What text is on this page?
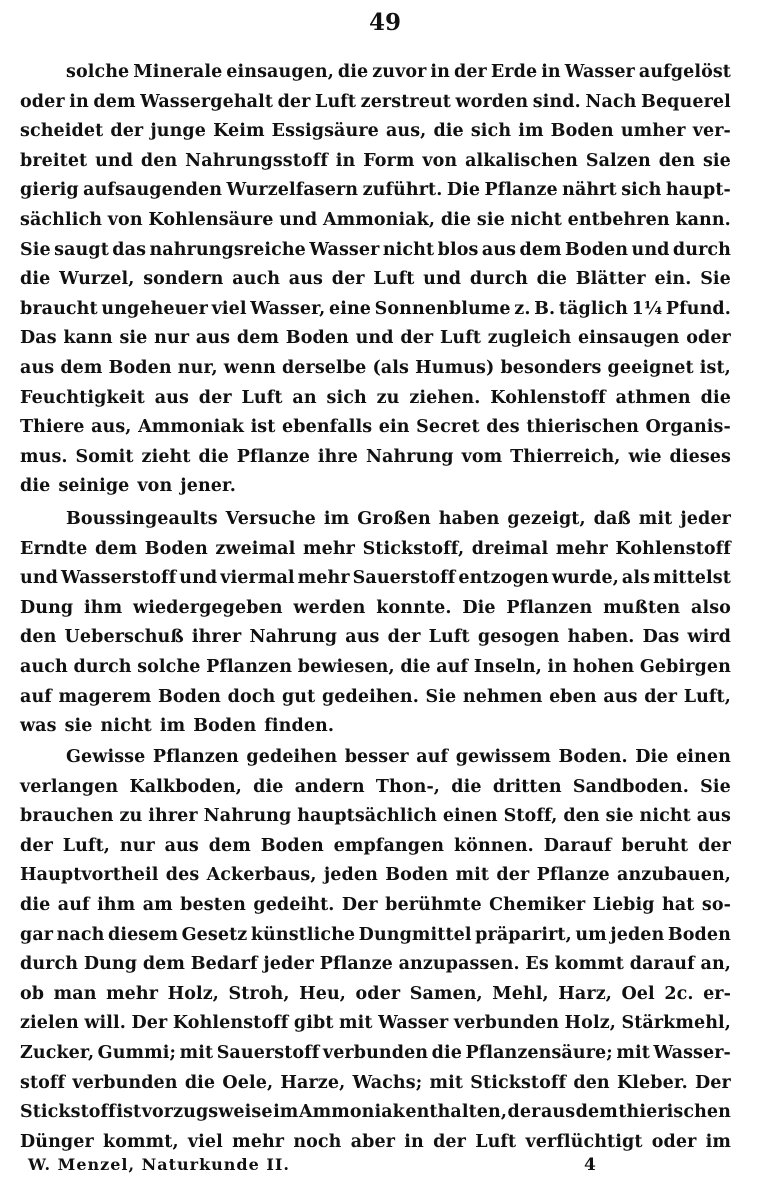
49
solche Minerale einsaugen, die zuvor in der Erde in Wasser aufgelöst
oder in dem Wassergehalt der Luft zerstreut worden sind. Nach Bequerel
scheidet der junge Keim Essigsäure aus, die sich im Boden umher ver-
breitet und den Nahrungsstoff in Form von alkalischen Salzen den sie
gierig aufsaugenden Wurzelfasern zuführt. Die Pflanze nährt sich haupt-
sächlich von Kohlensäure und Ammoniak, die sie nicht entbehren kann.
Sie saugt das nahrungsreiche Wasser nicht blos aus dem Boden und durch
die Wurzel, sondern auch aus der Luft und durch die Blätter ein. Sie
braucht ungeheuer viel Wasser, eine Sonnenblume z. B. täglich 1¼ Pfund.
Das kann sie nur aus dem Boden und der Luft zugleich einsaugen oder
aus dem Boden nur, wenn derselbe (als Humus) besonders geeignet ist,
Feuchtigkeit aus der Luft an sich zu ziehen. Kohlenstoff athmen die
Thiere aus, Ammoniak ist ebenfalls ein Secret des thierischen Organis-
mus. Somit zieht die Pflanze ihre Nahrung vom Thierreich, wie dieses
die seinige von jener.
Boussingeaults Versuche im Großen haben gezeigt, daß mit jeder
Erndte dem Boden zweimal mehr Stickstoff, dreimal mehr Kohlenstoff
und Wasserstoff und viermal mehr Sauerstoff entzogen wurde, als mittelst
Dung ihm wiedergegeben werden konnte. Die Pflanzen mußten also
den Ueberschuß ihrer Nahrung aus der Luft gesogen haben. Das wird
auch durch solche Pflanzen bewiesen, die auf Inseln, in hohen Gebirgen
auf magerem Boden doch gut gedeihen. Sie nehmen eben aus der Luft,
was sie nicht im Boden finden.
Gewisse Pflanzen gedeihen besser auf gewissem Boden. Die einen
verlangen Kalkboden, die andern Thon-, die dritten Sandboden. Sie
brauchen zu ihrer Nahrung hauptsächlich einen Stoff, den sie nicht aus
der Luft, nur aus dem Boden empfangen können. Darauf beruht der
Hauptvortheil des Ackerbaus, jeden Boden mit der Pflanze anzubauen,
die auf ihm am besten gedeiht. Der berühmte Chemiker Liebig hat so-
gar nach diesem Gesetz künstliche Dungmittel präparirt, um jeden Boden
durch Dung dem Bedarf jeder Pflanze anzupassen. Es kommt darauf an,
ob man mehr Holz, Stroh, Heu, oder Samen, Mehl, Harz, Oel 2c. er-
zielen will. Der Kohlenstoff gibt mit Wasser verbunden Holz, Stärkmehl,
Zucker, Gummi; mit Sauerstoff verbunden die Pflanzensäure; mit Wasser-
stoff verbunden die Oele, Harze, Wachs; mit Stickstoff den Kleber. Der
Stickstoff ist vorzugsweise im Ammoniak enthalten, der aus dem thierischen
Dünger kommt, viel mehr noch aber in der Luft verflüchtigt oder im
W. Menzel, Naturkunde II.	4
